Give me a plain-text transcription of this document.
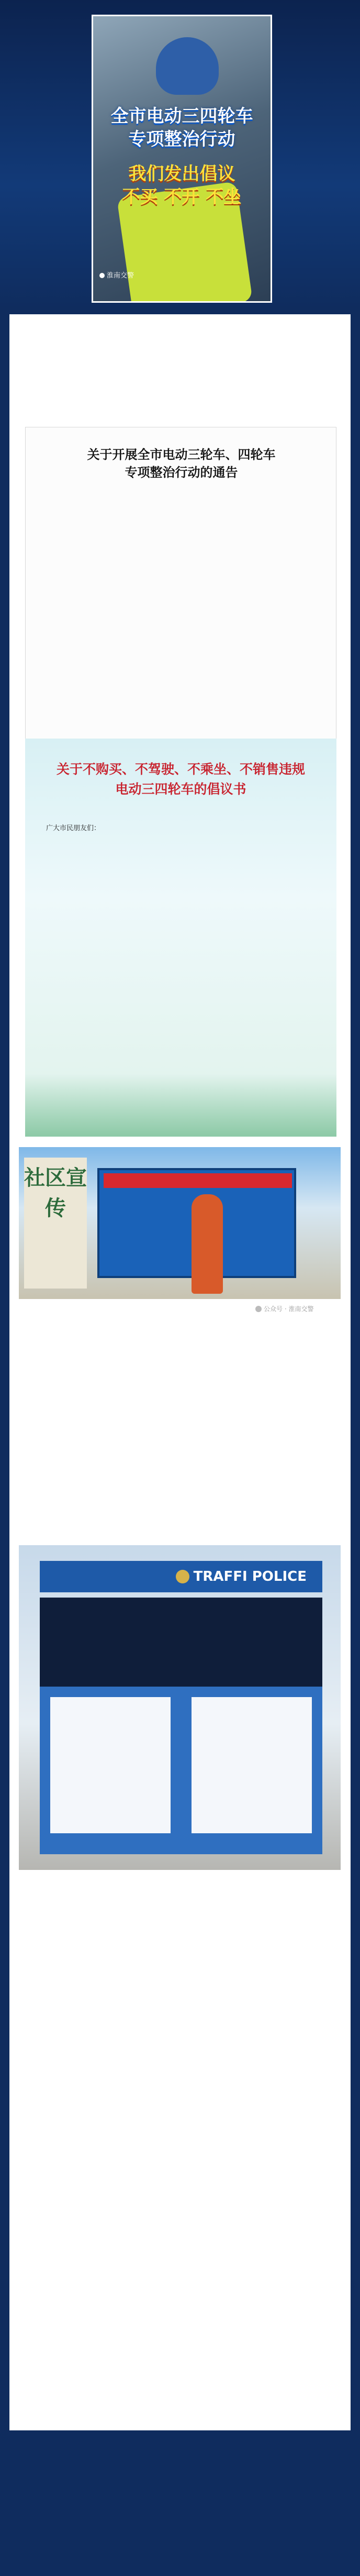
全市电动三四轮车
专项整治行动
我们发出倡议
不买 不开 不坐
淮南交警

关于开展全市电动三轮车、四轮车
专项整治行动的通告

关于不购买、不驾驶、不乘坐、不销售违规
电动三四轮车的倡议书
广大市民朋友们：
社区宣传
公众号 · 淮南交警

TRAFFI POLICE
